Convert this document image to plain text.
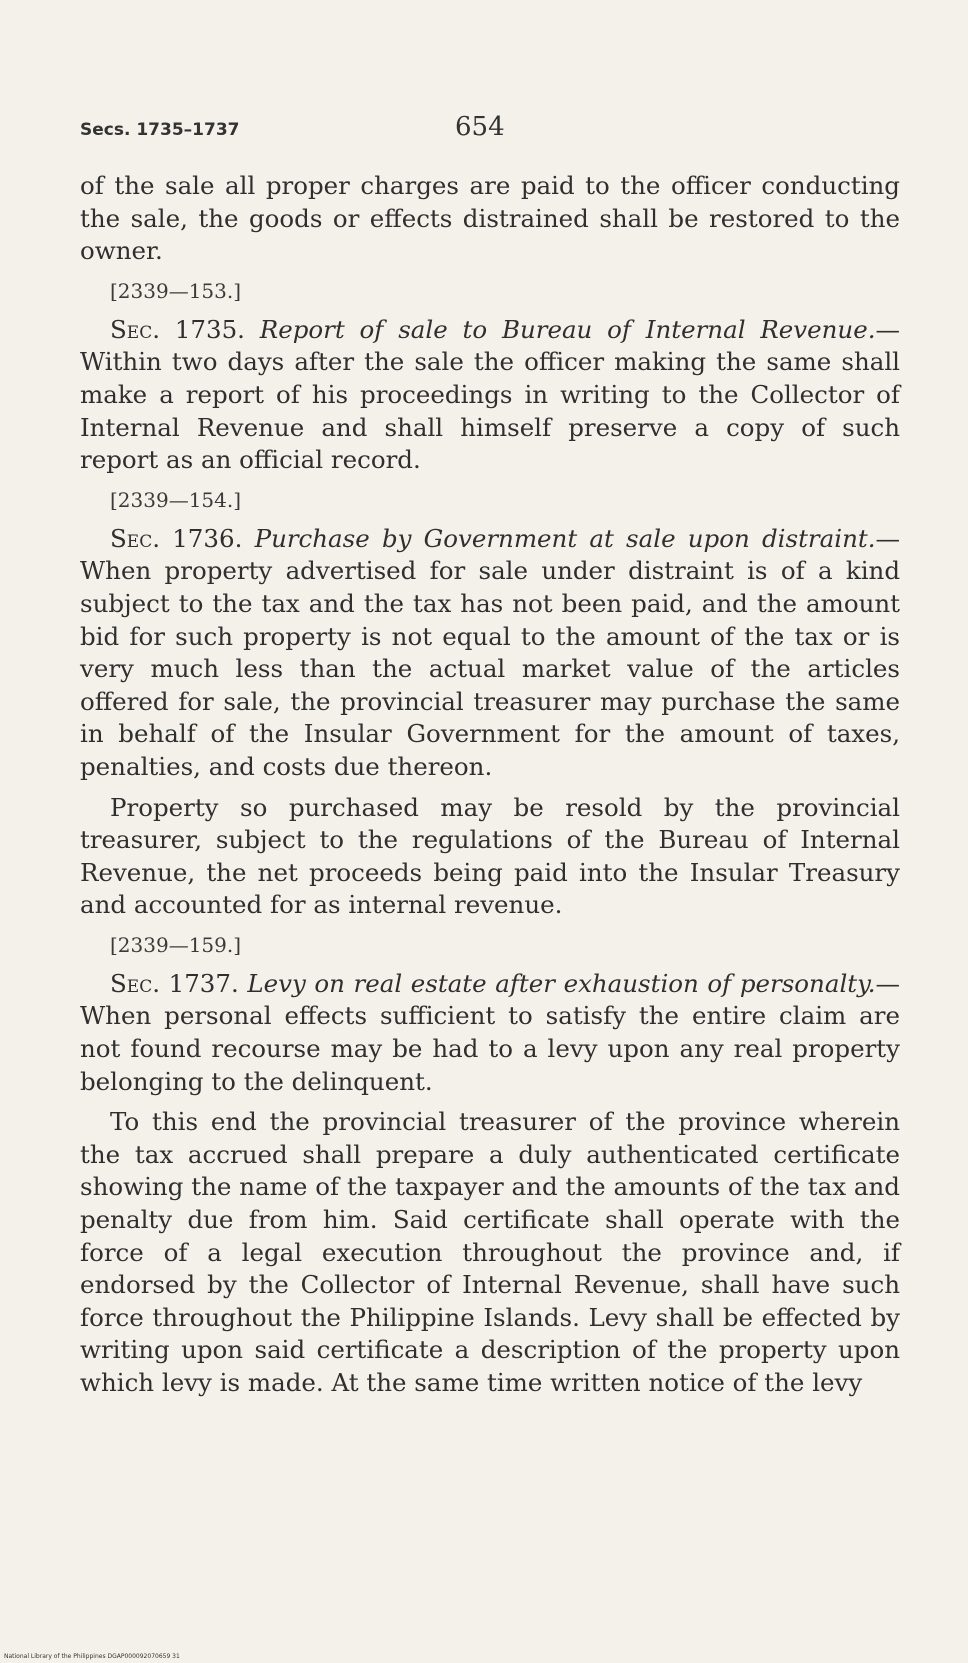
Secs. 1735–1737	654

of the sale all proper charges are paid to the officer conducting the sale, the goods or effects distrained shall be restored to the owner.

[2339—153.]

Sec. 1735. Report of sale to Bureau of Internal Revenue.—Within two days after the sale the officer making the same shall make a report of his proceedings in writing to the Collector of Internal Revenue and shall himself preserve a copy of such report as an official record.

[2339—154.]

Sec. 1736. Purchase by Government at sale upon distraint.—When property advertised for sale under distraint is of a kind subject to the tax and the tax has not been paid, and the amount bid for such property is not equal to the amount of the tax or is very much less than the actual market value of the articles offered for sale, the provincial treasurer may purchase the same in behalf of the Insular Government for the amount of taxes, penalties, and costs due thereon.

Property so purchased may be resold by the provincial treasurer, subject to the regulations of the Bureau of Internal Revenue, the net proceeds being paid into the Insular Treasury and accounted for as internal revenue.

[2339—159.]

Sec. 1737. Levy on real estate after exhaustion of personalty.—When personal effects sufficient to satisfy the entire claim are not found recourse may be had to a levy upon any real property belonging to the delinquent.

To this end the provincial treasurer of the province wherein the tax accrued shall prepare a duly authenticated certificate showing the name of the taxpayer and the amounts of the tax and penalty due from him. Said certificate shall operate with the force of a legal execution throughout the province and, if endorsed by the Collector of Internal Revenue, shall have such force throughout the Philippine Islands. Levy shall be effected by writing upon said certificate a description of the property upon which levy is made. At the same time written notice of the levy

National Library of the Philippines DGAP000092070659 31
